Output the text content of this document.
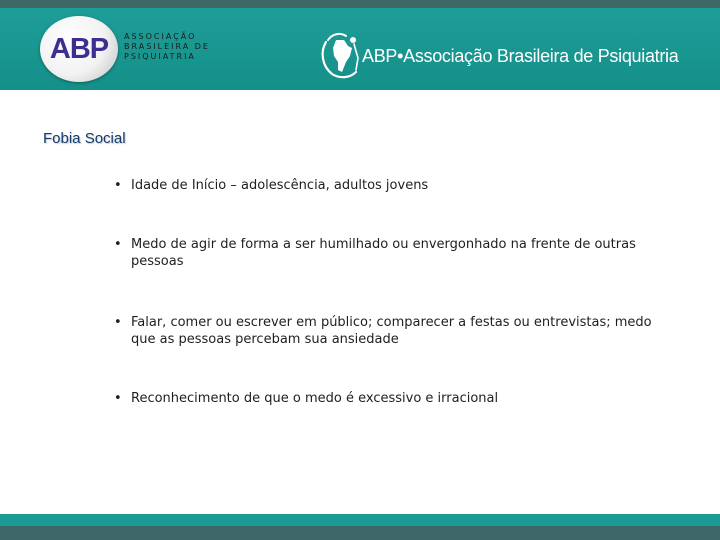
ABP	ASSOCIAÇÃO
BRASILEIRA DE
PSIQUIATRIA	ABP•Associação Brasileira de Psiquiatria
Fobia Social
• Idade de Início – adolescência, adultos jovens
• Medo de agir de forma a ser humilhado ou envergonhado na frente de outras pessoas
• Falar, comer ou escrever em público; comparecer a festas ou entrevistas; medo que as pessoas percebam sua ansiedade
• Reconhecimento de que o medo é excessivo e irracional
